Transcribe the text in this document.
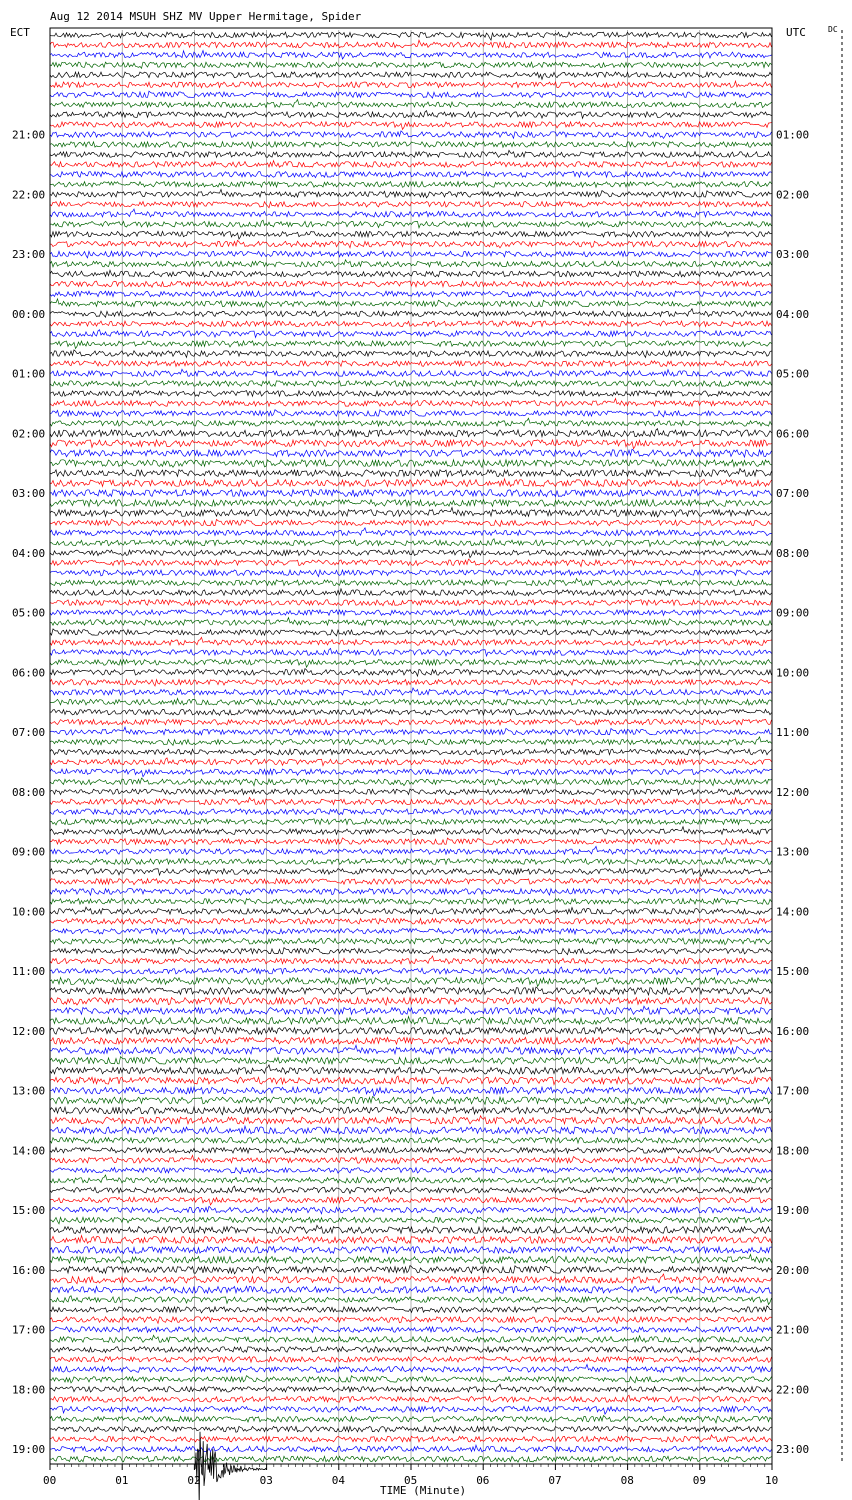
Aug 12 2014 MSUH SHZ MV Upper Hermitage, Spider
ECT	UTC	DC
21:00
22:00
23:00
00:00
01:00
02:00
03:00
04:00
05:00
06:00
07:00
08:00
09:00
10:00
11:00
12:00
13:00
14:00
15:00
16:00
17:00
18:00
19:00
01:00
02:00
03:00
04:00
05:00
06:00
07:00
08:00
09:00
10:00
11:00
12:00
13:00
14:00
15:00
16:00
17:00
18:00
19:00
20:00
21:00
22:00
23:00
00	01	02	03	04	05	06	07	08	09	10
TIME (Minute)
